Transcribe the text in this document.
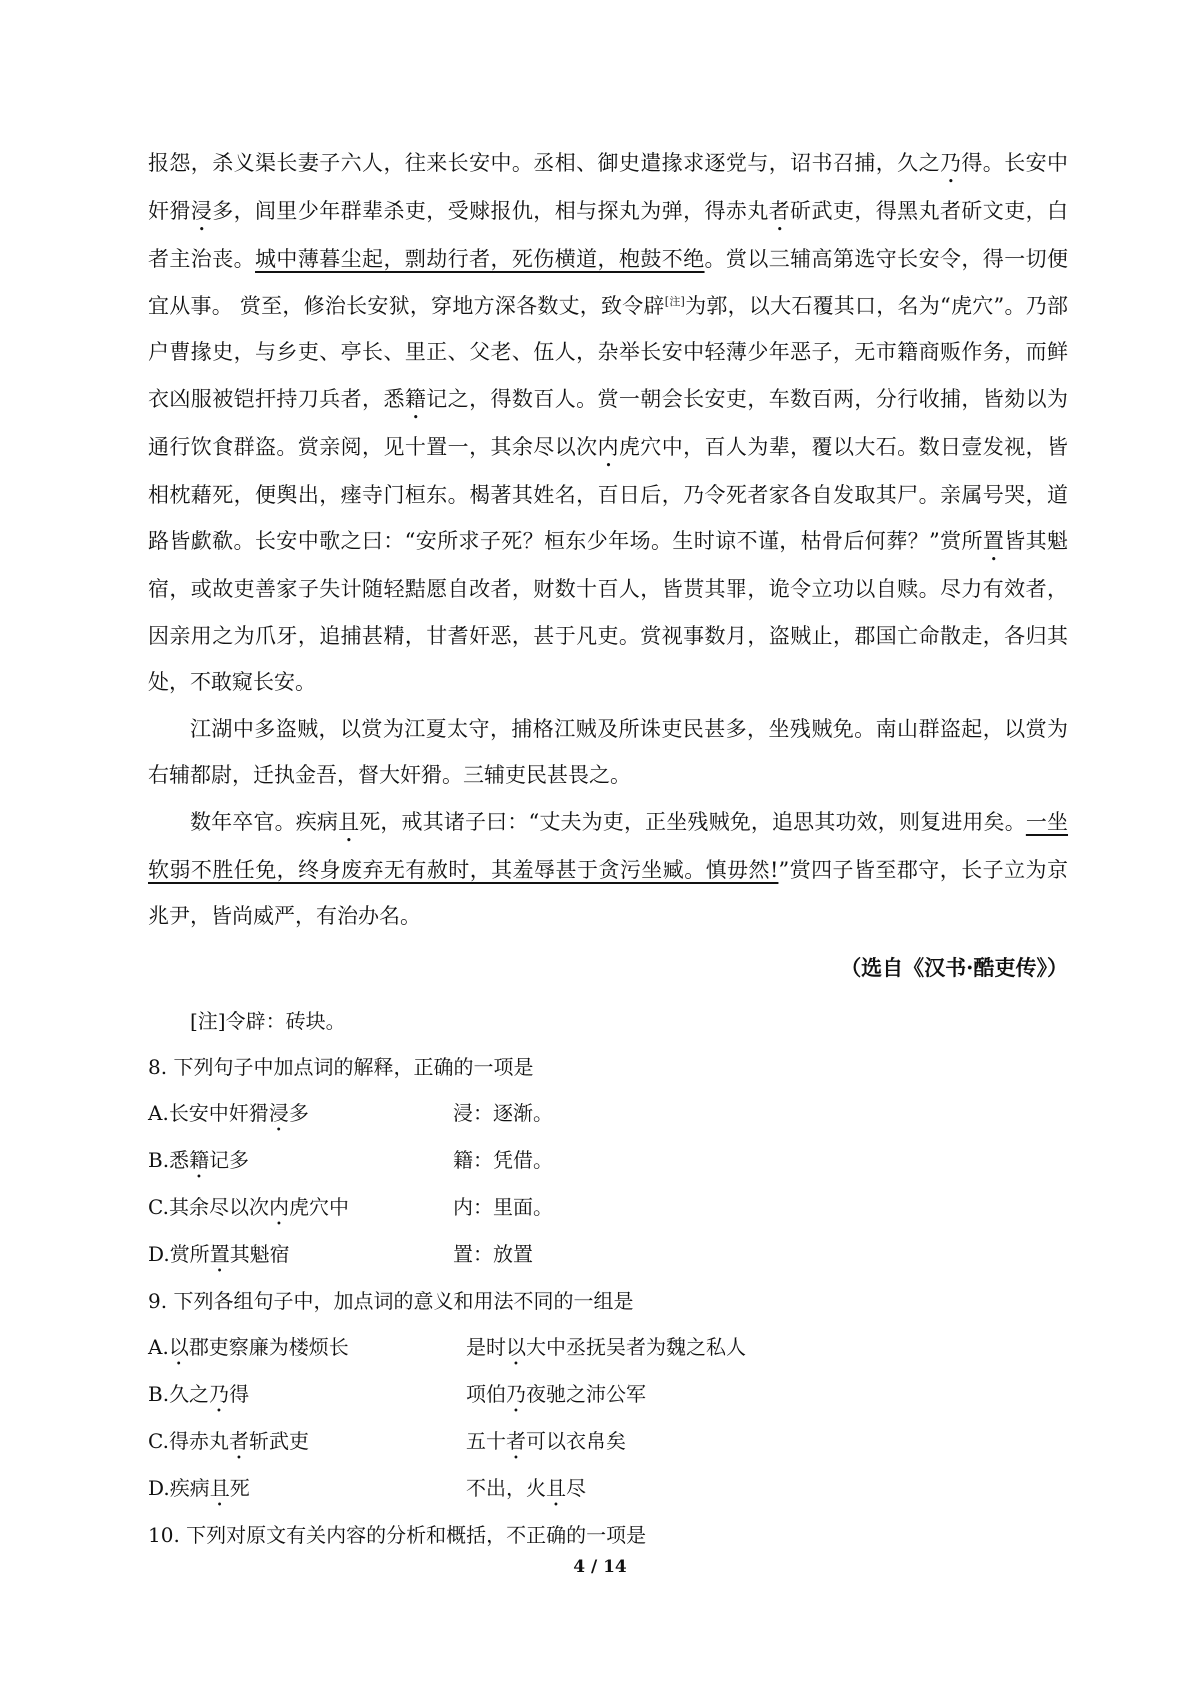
报怨，杀义渠长妻子六人，往来长安中。丞相、御史遣掾求逐党与，诏书召捕，久之乃得。长安中奸猾浸多，闾里少年群辈杀吏，受赇报仇，相与探丸为弹，得赤丸者斫武吏，得黑丸者斫文吏，白者主治丧。城中薄暮尘起，剽劫行者，死伤横道，枹鼓不绝。赏以三辅高第选守长安令，得一切便宜从事。 赏至，修治长安狱，穿地方深各数丈，致令辟[注]为郭，以大石覆其口，名为“虎穴”。乃部户曹掾史，与乡吏、亭长、里正、父老、伍人，杂举长安中轻薄少年恶子，无市籍商贩作务，而鲜衣凶服被铠扞持刀兵者，悉籍记之，得数百人。赏一朝会长安吏，车数百两，分行收捕，皆劾以为通行饮食群盗。赏亲阅，见十置一，其余尽以次内虎穴中，百人为辈，覆以大石。数日壹发视，皆相枕藉死，便舆出，瘗寺门桓东。楬著其姓名，百日后，乃令死者家各自发取其尸。亲属号哭，道路皆歔欷。长安中歌之曰：“安所求子死？桓东少年场。生时谅不谨，枯骨后何葬？”赏所置皆其魁宿，或故吏善家子失计随轻黠愿自改者，财数十百人，皆贳其罪，诡令立功以自赎。尽力有效者，因亲用之为爪牙，追捕甚精，甘耆奸恶，甚于凡吏。赏视事数月，盗贼止，郡国亡命散走，各归其处，不敢窥长安。

江湖中多盗贼，以赏为江夏太守，捕格江贼及所诛吏民甚多，坐残贼免。南山群盗起，以赏为右辅都尉，迁执金吾，督大奸猾。三辅吏民甚畏之。

数年卒官。疾病且死，戒其诸子曰：“丈夫为吏，正坐残贼免，追思其功效，则复进用矣。一坐软弱不胜任免，终身废弃无有赦时，其羞辱甚于贪污坐臧。慎毋然!”赏四子皆至郡守，长子立为京兆尹，皆尚威严，有治办名。

（选自《汉书·酷吏传》）

[注]令辟：砖块。

8. 下列句子中加点词的解释，正确的一项是

A.长安中奸猾浸多	浸：逐渐。
B.悉籍记多	籍：凭借。
C.其余尽以次内虎穴中	内：里面。
D.赏所置其魁宿	置：放置

9. 下列各组句子中，加点词的意义和用法不同的一组是

A.以郡吏察廉为楼烦长	是时以大中丞抚吴者为魏之私人
B.久之乃得	项伯乃夜驰之沛公军
C.得赤丸者斩武吏	五十者可以衣帛矣
D.疾病且死	不出，火且尽

10. 下列对原文有关内容的分析和概括，不正确的一项是

4 / 14
